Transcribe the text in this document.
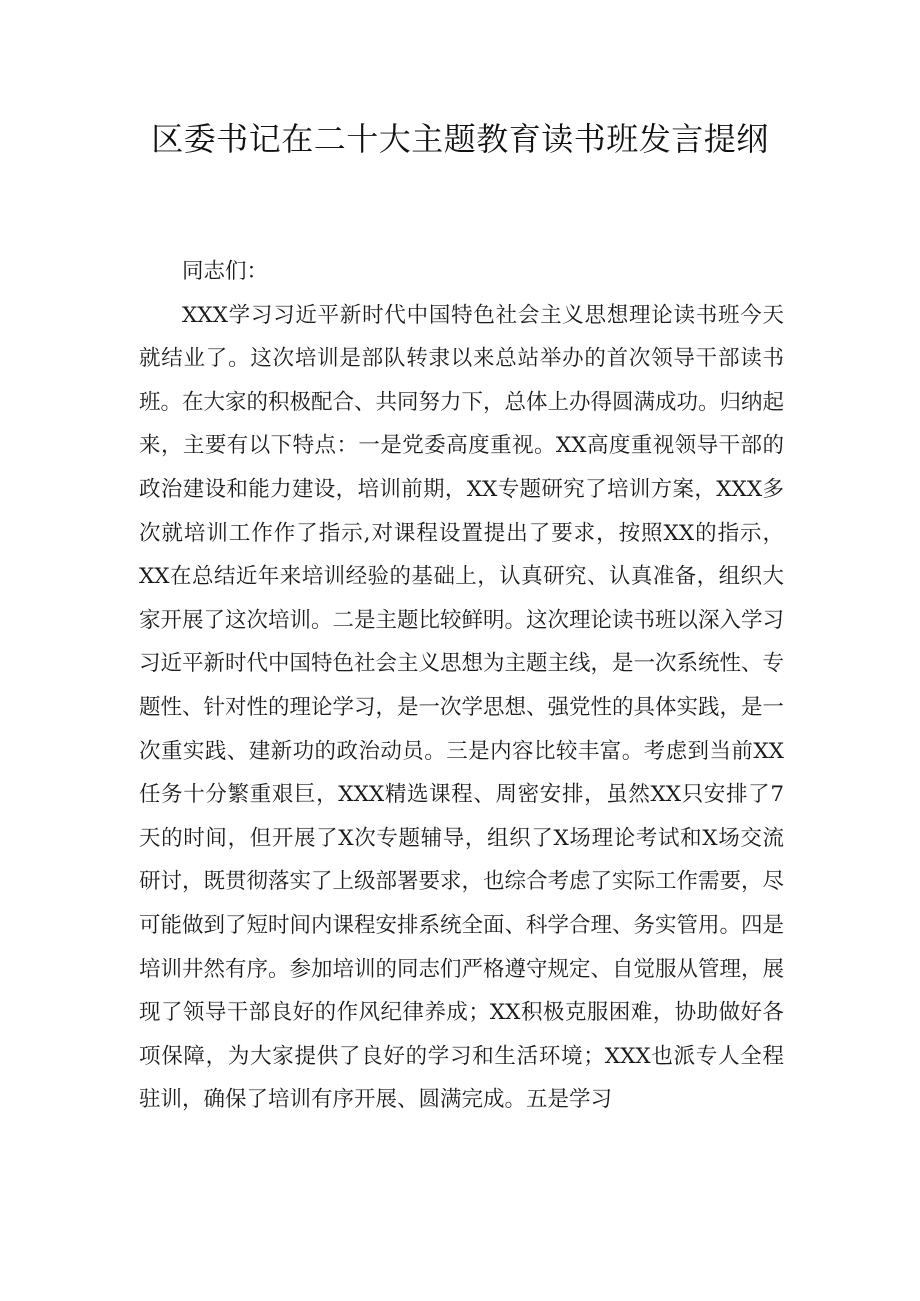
区委书记在二十大主题教育读书班发言提纲

同志们：

XXX学习习近平新时代中国特色社会主义思想理论读书班今天就结业了。这次培训是部队转隶以来总站举办的首次领导干部读书班。在大家的积极配合、共同努力下，总体上办得圆满成功。归纳起来，主要有以下特点：一是党委高度重视。XX高度重视领导干部的政治建设和能力建设，培训前期，XX专题研究了培训方案，XXX多次就培训工作作了指示,对课程设置提出了要求，按照XX的指示，XX在总结近年来培训经验的基础上，认真研究、认真准备，组织大家开展了这次培训。二是主题比较鲜明。这次理论读书班以深入学习习近平新时代中国特色社会主义思想为主题主线，是一次系统性、专题性、针对性的理论学习，是一次学思想、强党性的具体实践，是一次重实践、建新功的政治动员。三是内容比较丰富。考虑到当前XX任务十分繁重艰巨，XXX精选课程、周密安排，虽然XX只安排了7天的时间，但开展了X次专题辅导，组织了X场理论考试和X场交流研讨，既贯彻落实了上级部署要求，也综合考虑了实际工作需要，尽可能做到了短时间内课程安排系统全面、科学合理、务实管用。四是培训井然有序。参加培训的同志们严格遵守规定、自觉服从管理，展现了领导干部良好的作风纪律养成；XX积极克服困难，协助做好各项保障，为大家提供了良好的学习和生活环境；XXX也派专人全程驻训，确保了培训有序开展、圆满完成。五是学习
